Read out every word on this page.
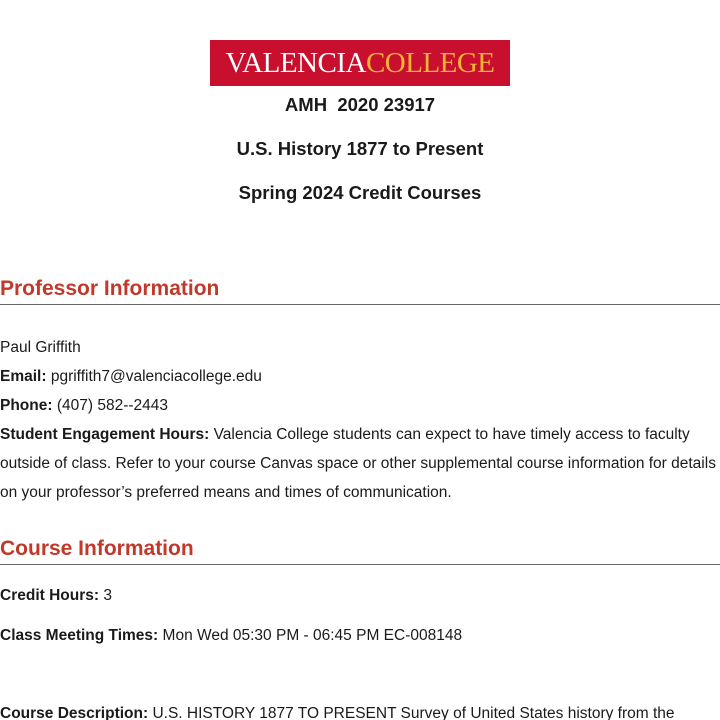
VALENCIA COLLEGE
AMH  2020 23917
U.S. History 1877 to Present
Spring 2024 Credit Courses
Professor Information
Paul Griffith
Email: pgriffith7@valenciacollege.edu
Phone: (407) 582--2443
Student Engagement Hours: Valencia College students can expect to have timely access to faculty outside of class. Refer to your course Canvas space or other supplemental course information for details on your professor’s preferred means and times of communication.
Course Information
Credit Hours: 3
Class Meeting Times: Mon Wed 05:30 PM - 06:45 PM EC-008148
Course Description: U.S. HISTORY 1877 TO PRESENT Survey of United States history from the
